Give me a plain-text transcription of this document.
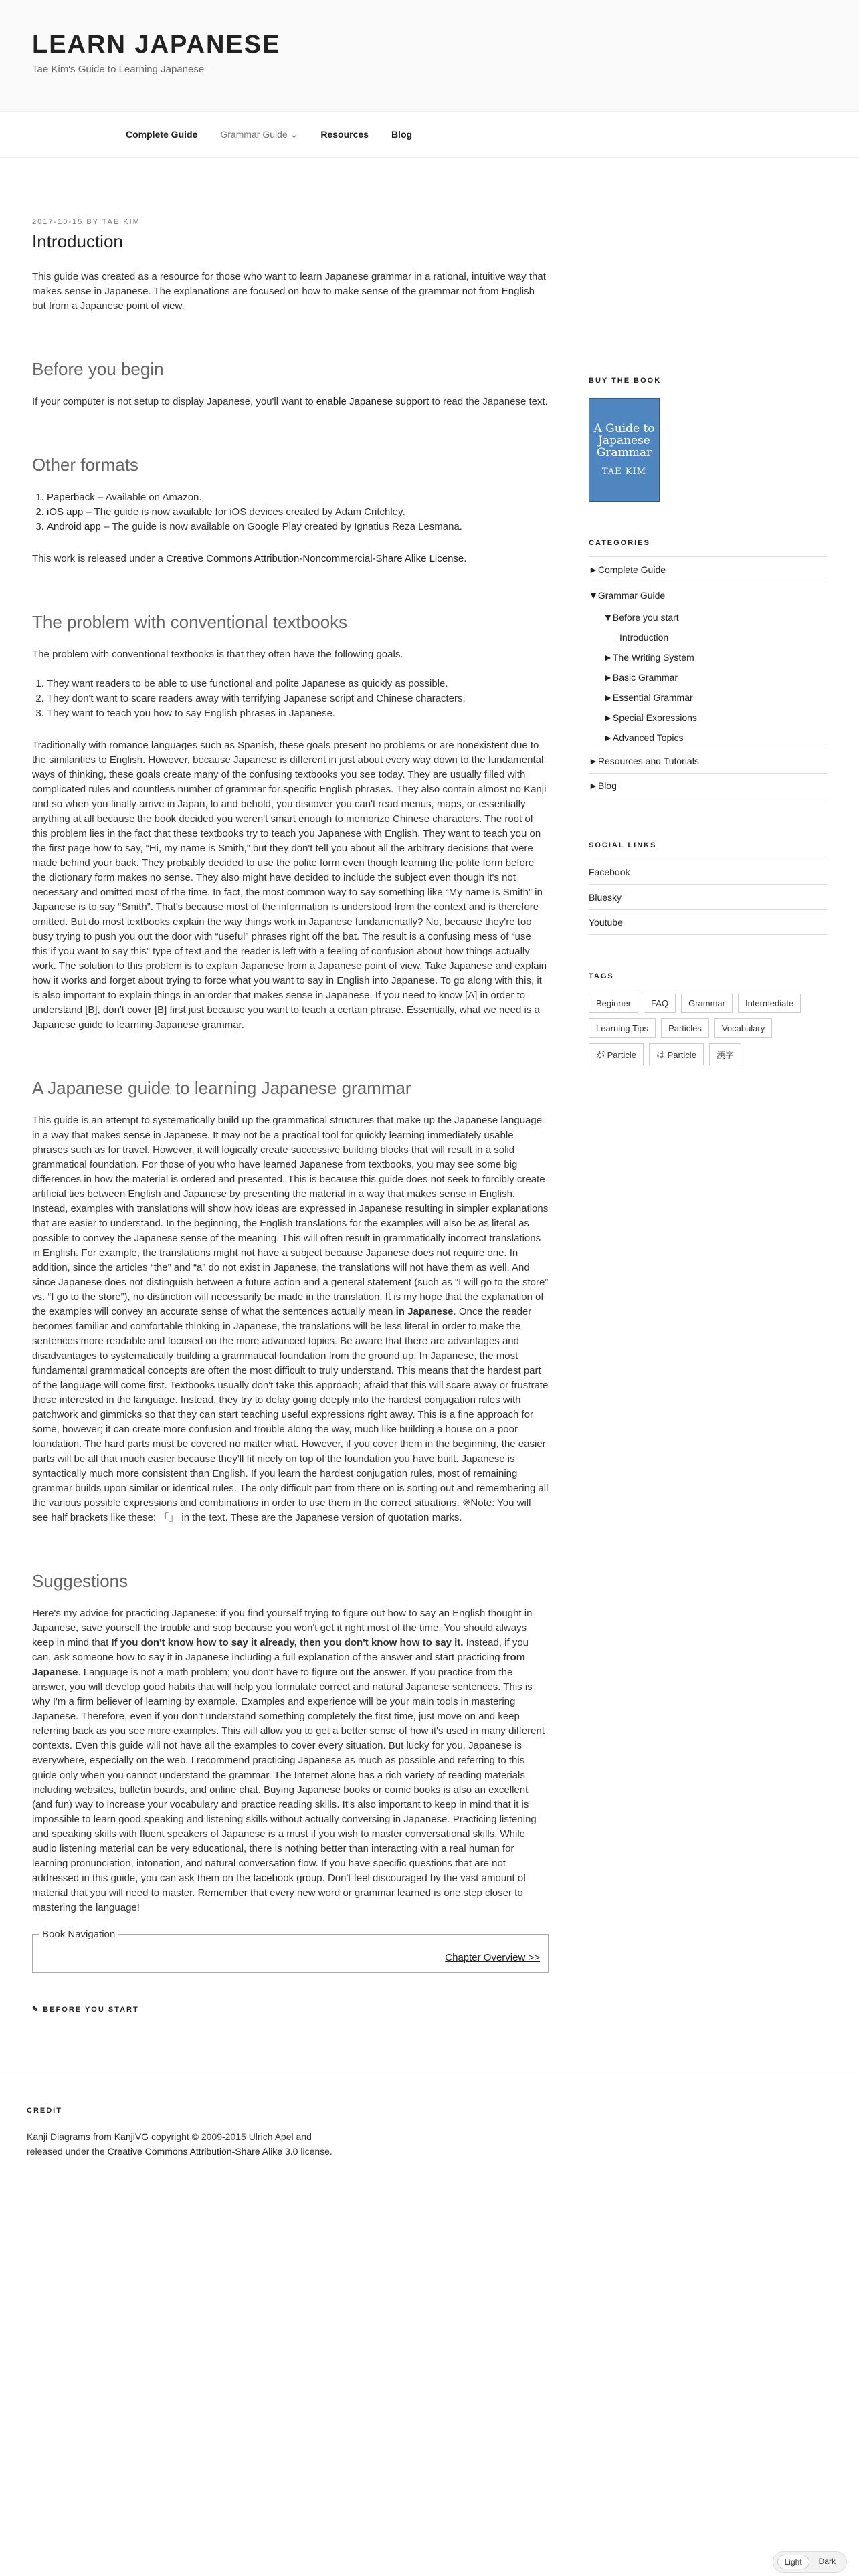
LEARN JAPANESE
Tae Kim's Guide to Learning Japanese
Complete Guide Grammar Guide ⌄ Resources Blog
2017-10-15 BY TAE KIM
Introduction

This guide was created as a resource for those who want to learn Japanese grammar in a rational, intuitive way that makes sense in Japanese. The explanations are focused on how to make sense of the grammar not from English but from a Japanese point of view.

Before you begin

If your computer is not setup to display Japanese, you'll want to enable Japanese support to read the Japanese text.

Other formats
1. Paperback – Available on Amazon.
2. iOS app – The guide is now available for iOS devices created by Adam Critchley.
3. Android app – The guide is now available on Google Play created by Ignatius Reza Lesmana.

This work is released under a Creative Commons Attribution-Noncommercial-Share Alike License.

The problem with conventional textbooks

The problem with conventional textbooks is that they often have the following goals.

1. They want readers to be able to use functional and polite Japanese as quickly as possible.
2. They don't want to scare readers away with terrifying Japanese script and Chinese characters.
3. They want to teach you how to say English phrases in Japanese.

Traditionally with romance languages such as Spanish, these goals present no problems or are nonexistent due to the similarities to English. However, because Japanese is different in just about every way down to the fundamental ways of thinking, these goals create many of the confusing textbooks you see today. They are usually filled with complicated rules and countless number of grammar for specific English phrases. They also contain almost no Kanji and so when you finally arrive in Japan, lo and behold, you discover you can't read menus, maps, or essentially anything at all because the book decided you weren't smart enough to memorize Chinese characters. The root of this problem lies in the fact that these textbooks try to teach you Japanese with English. They want to teach you on the first page how to say, “Hi, my name is Smith,” but they don't tell you about all the arbitrary decisions that were made behind your back. They probably decided to use the polite form even though learning the polite form before the dictionary form makes no sense. They also might have decided to include the subject even though it's not necessary and omitted most of the time. In fact, the most common way to say something like “My name is Smith” in Japanese is to say “Smith”. That's because most of the information is understood from the context and is therefore omitted. But do most textbooks explain the way things work in Japanese fundamentally? No, because they're too busy trying to push you out the door with “useful” phrases right off the bat. The result is a confusing mess of “use this if you want to say this” type of text and the reader is left with a feeling of confusion about how things actually work. The solution to this problem is to explain Japanese from a Japanese point of view. Take Japanese and explain how it works and forget about trying to force what you want to say in English into Japanese. To go along with this, it is also important to explain things in an order that makes sense in Japanese. If you need to know [A] in order to understand [B], don't cover [B] first just because you want to teach a certain phrase. Essentially, what we need is a Japanese guide to learning Japanese grammar.

A Japanese guide to learning Japanese grammar

This guide is an attempt to systematically build up the grammatical structures that make up the Japanese language in a way that makes sense in Japanese. It may not be a practical tool for quickly learning immediately usable phrases such as for travel. However, it will logically create successive building blocks that will result in a solid grammatical foundation. For those of you who have learned Japanese from textbooks, you may see some big differences in how the material is ordered and presented. This is because this guide does not seek to forcibly create artificial ties between English and Japanese by presenting the material in a way that makes sense in English. Instead, examples with translations will show how ideas are expressed in Japanese resulting in simpler explanations that are easier to understand. In the beginning, the English translations for the examples will also be as literal as possible to convey the Japanese sense of the meaning. This will often result in grammatically incorrect translations in English. For example, the translations might not have a subject because Japanese does not require one. In addition, since the articles “the” and “a” do not exist in Japanese, the translations will not have them as well. And since Japanese does not distinguish between a future action and a general statement (such as “I will go to the store” vs. “I go to the store”), no distinction will necessarily be made in the translation. It is my hope that the explanation of the examples will convey an accurate sense of what the sentences actually mean in Japanese. Once the reader becomes familiar and comfortable thinking in Japanese, the translations will be less literal in order to make the sentences more readable and focused on the more advanced topics. Be aware that there are advantages and disadvantages to systematically building a grammatical foundation from the ground up. In Japanese, the most fundamental grammatical concepts are often the most difficult to truly understand. This means that the hardest part of the language will come first. Textbooks usually don't take this approach; afraid that this will scare away or frustrate those interested in the language. Instead, they try to delay going deeply into the hardest conjugation rules with patchwork and gimmicks so that they can start teaching useful expressions right away. This is a fine approach for some, however; it can create more confusion and trouble along the way, much like building a house on a poor foundation. The hard parts must be covered no matter what. However, if you cover them in the beginning, the easier parts will be all that much easier because they'll fit nicely on top of the foundation you have built. Japanese is syntactically much more consistent than English. If you learn the hardest conjugation rules, most of remaining grammar builds upon similar or identical rules. The only difficult part from there on is sorting out and remembering all the various possible expressions and combinations in order to use them in the correct situations. ※Note: You will see half brackets like these: 「」 in the text. These are the Japanese version of quotation marks.

Suggestions

Here's my advice for practicing Japanese: if you find yourself trying to figure out how to say an English thought in Japanese, save yourself the trouble and stop because you won't get it right most of the time. You should always keep in mind that If you don't know how to say it already, then you don't know how to say it. Instead, if you can, ask someone how to say it in Japanese including a full explanation of the answer and start practicing from Japanese. Language is not a math problem; you don't have to figure out the answer. If you practice from the answer, you will develop good habits that will help you formulate correct and natural Japanese sentences. This is why I'm a firm believer of learning by example. Examples and experience will be your main tools in mastering Japanese. Therefore, even if you don't understand something completely the first time, just move on and keep referring back as you see more examples. This will allow you to get a better sense of how it's used in many different contexts. Even this guide will not have all the examples to cover every situation. But lucky for you, Japanese is everywhere, especially on the web. I recommend practicing Japanese as much as possible and referring to this guide only when you cannot understand the grammar. The Internet alone has a rich variety of reading materials including websites, bulletin boards, and online chat. Buying Japanese books or comic books is also an excellent (and fun) way to increase your vocabulary and practice reading skills. It's also important to keep in mind that it is impossible to learn good speaking and listening skills without actually conversing in Japanese. Practicing listening and speaking skills with fluent speakers of Japanese is a must if you wish to master conversational skills. While audio listening material can be very educational, there is nothing better than interacting with a real human for learning pronunciation, intonation, and natural conversation flow. If you have specific questions that are not addressed in this guide, you can ask them on the facebook group. Don't feel discouraged by the vast amount of material that you will need to master. Remember that every new word or grammar learned is one step closer to mastering the language!

Book Navigation
Chapter Overview >>
✎ BEFORE YOU START
BUY THE BOOK
A Guide to Japanese Grammar
TAE KIM
CATEGORIES
►Complete Guide
▼Grammar Guide
▼Before you start
Introduction
►The Writing System
►Basic Grammar
►Essential Grammar
►Special Expressions
►Advanced Topics
►Resources and Tutorials
►Blog
SOCIAL LINKS
Facebook
Bluesky
Youtube
TAGS
Beginner	FAQ	Grammar	Intermediate
Learning Tips	Particles	Vocabulary
が Particle	は Particle	漢字
CREDIT

Kanji Diagrams from KanjiVG copyright © 2009-2015 Ulrich Apel and released under the Creative Commons Attribution-Share Alike 3.0 license.

Light	Dark
